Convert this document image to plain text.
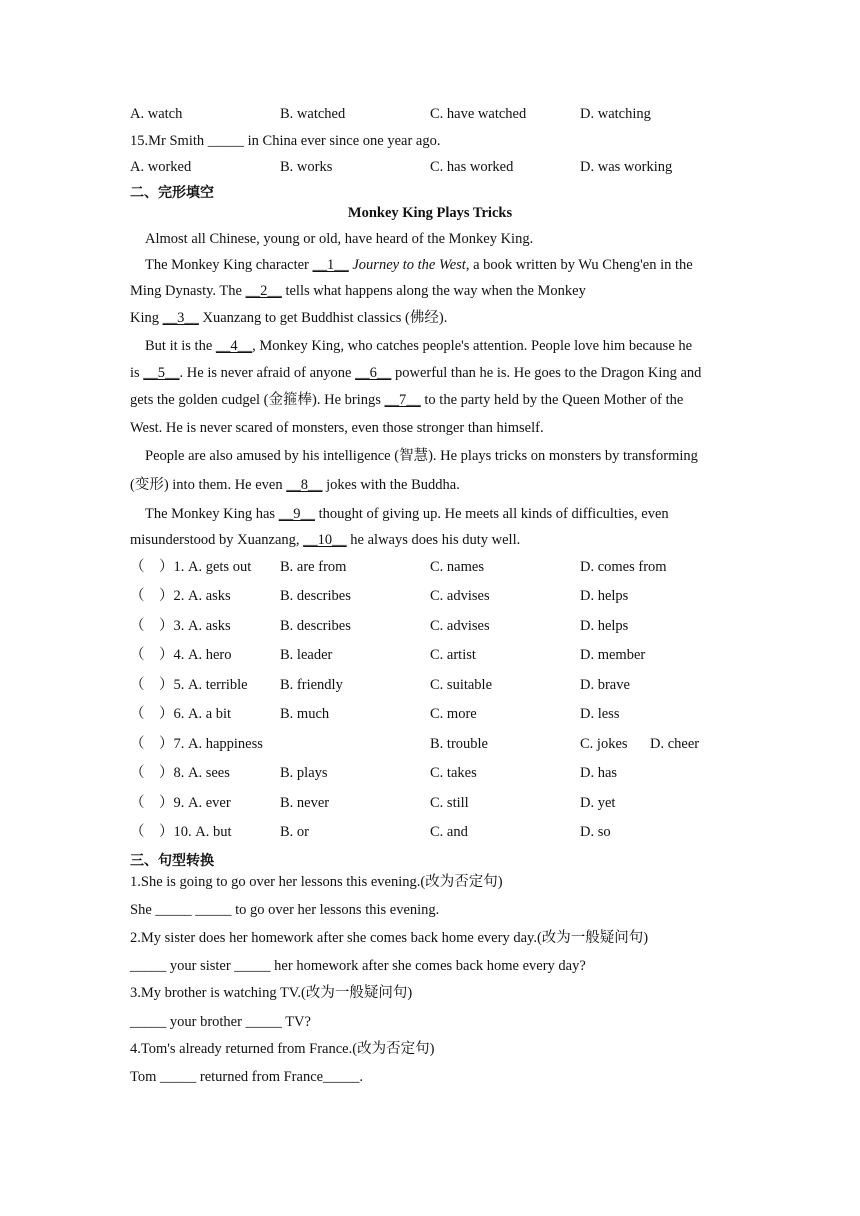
A. watch	B. watched	C. have watched	D. watching
15.Mr Smith _____ in China ever since one year ago.
A. worked	B. works	C. has worked	D. was working
二、完形填空
Monkey King Plays Tricks
Almost all Chinese, young or old, have heard of the Monkey King.
The Monkey King character __1__ Journey to the West, a book written by Wu Cheng'en in the
Ming Dynasty. The __2__ tells what happens along the way when the Monkey
King __3__ Xuanzang to get Buddhist classics (佛经).
But it is the __4__, Monkey King, who catches people's attention. People love him because he
is __5__. He is never afraid of anyone __6__ powerful than he is. He goes to the Dragon King and
gets the golden cudgel (金箍棒). He brings __7__ to the party held by the Queen Mother of the
West. He is never scared of monsters, even those stronger than himself.
People are also amused by his intelligence (智慧). He plays tricks on monsters by transforming
(变形) into them. He even __8__ jokes with the Buddha.
The Monkey King has __9__ thought of giving up. He meets all kinds of difficulties, even
misunderstood by Xuanzang, __10__ he always does his duty well.
（　）1. A. gets out B. are from	C. names	D. comes from
（　）2. A. asks	B. describes	C. advises	D. helps
（　）3. A. asks	B. describes	C. advises	D. helps
（　）4. A. hero	B. leader	C. artist	D. member
（　）5. A. terrible B. friendly	C. suitable	D. brave
（　）6. A. a bit	B. much	C. more	D. less
（　）7. A. happiness	B. trouble	C. jokes D. cheer
（　）8. A. sees	B. plays	C. takes	D. has
（　）9. A. ever	B. never	C. still	D. yet
（　）10. A. but	B. or	C. and	D. so
三、句型转换
1.She is going to go over her lessons this evening.(改为否定句)
She _____ _____ to go over her lessons this evening.
2.My sister does her homework after she comes back home every day.(改为一般疑问句)
_____ your sister _____ her homework after she comes back home every day?
3.My brother is watching TV.(改为一般疑问句)
_____ your brother _____ TV?
4.Tom's already returned from France.(改为否定句)
Tom _____ returned from France_____.
